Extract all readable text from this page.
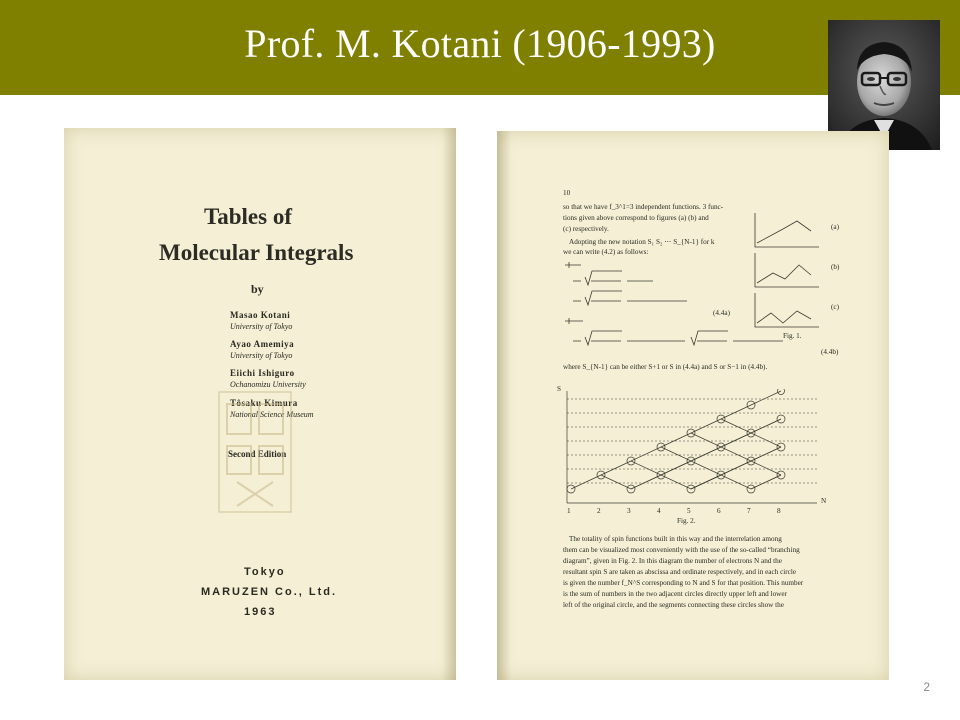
Prof. M. Kotani (1906-1993)
Tables of
Molecular Integrals
by
Masao Kotani
University of Tokyo
Ayao Amemiya
University of Tokyo
Eiichi Ishiguro
Ochanomizu University
Tôsaku Kimura
National Science Museum
Second Edition
Tokyo
MARUZEN Co., Ltd.
1963
10
so that we have f_3^1=3 independent functions. 3 func-
tions given above correspond to figures (a) (b) and
(c) respectively.
Adopting the new notation S₁ S₂ ⋯ S_{N-1} for k
we can write (4.2) as follows:
(4.4a)
(4.4b)
where S_{N-1} can be either S+1 or S in (4.4a) and S or S−1 in (4.4b).
(a)
(b)
(c)
Fig. 1.
S
N
1	2	3	4	5	6	7	8
Fig. 2.
The totality of spin functions built in this way and the interrelation among
them can be visualized most conveniently with the use of the so-called “branching
diagram”, given in Fig. 2. In this diagram the number of electrons N and the
resultant spin S are taken as abscissa and ordinate respectively, and in each circle
is given the number f_N^S corresponding to N and S for that position. This number
is the sum of numbers in the two adjacent circles directly upper left and lower
left of the original circle, and the segments connecting these circles show the
2
